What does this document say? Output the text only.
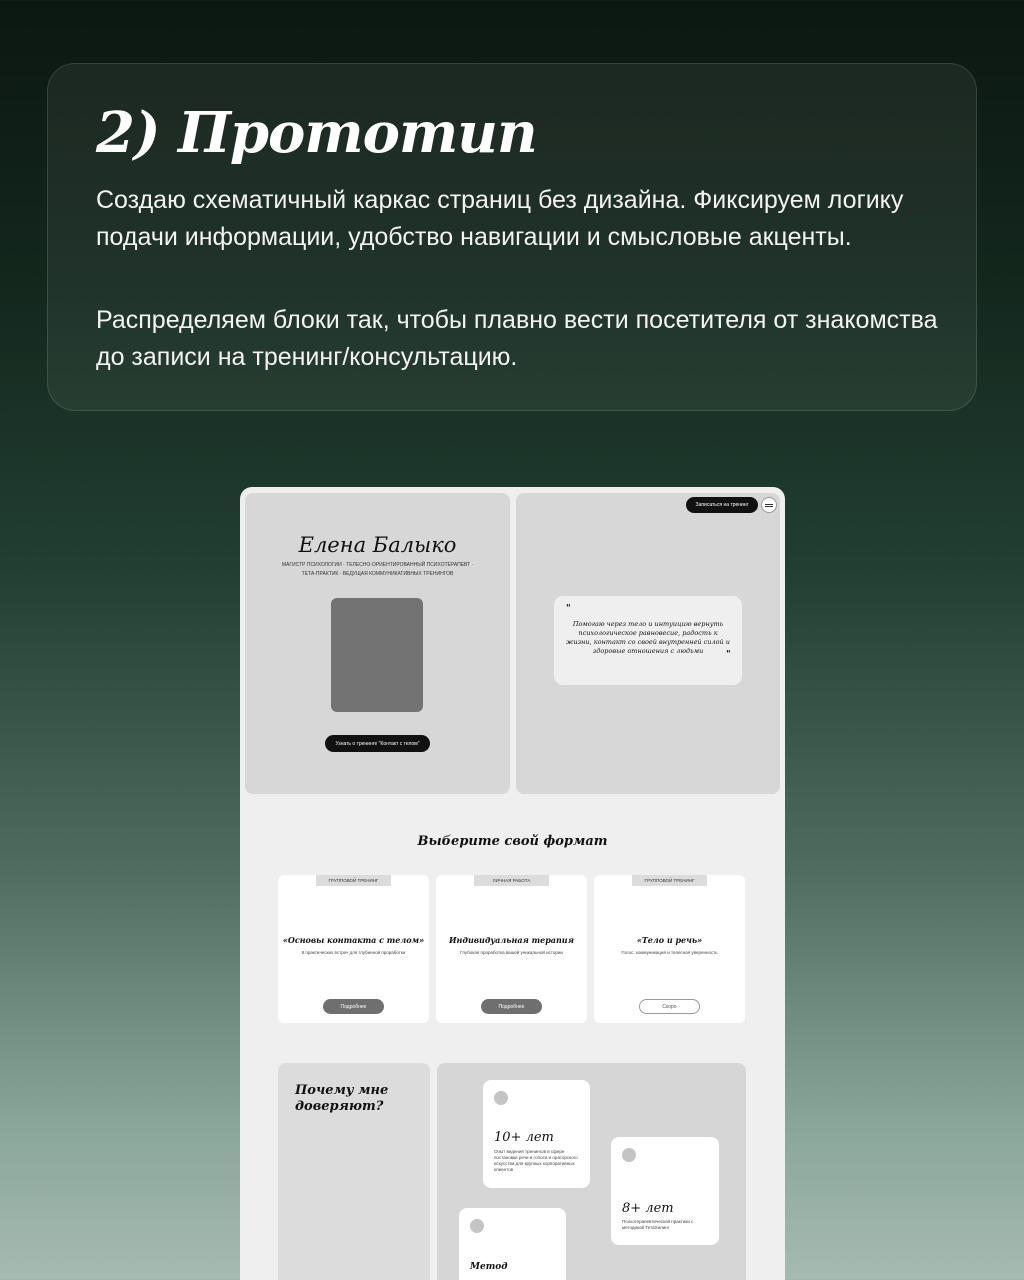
2) Прототип

Создаю схематичный каркас страниц без дизайна. Фиксируем логику подачи информации, удобство навигации и смысловые акценты.

Распределяем блоки так, чтобы плавно вести посетителя от знакомства до записи на тренинг/консультацию.

Елена Балыко
МАГИСТР ПСИХОЛОГИИ · ТЕЛЕСНО-ОРИЕНТИРОВАННЫЙ ПСИХОТЕРАПЕВТ · ТЕТА-ПРАКТИК · ВЕДУЩАЯ КОММУНИКАТИВНЫХ ТРЕНИНГОВ
Узнать о тренинге "Контакт с телом"
"
Помогаю через тело и интуицию вернуть психологическое равновесие, радость к жизни, контакт со своей внутренней силой и здоровые отношения с людьми	"
Записаться на тренинг
Выберите свой формат
ГРУППОВОЙ ТРЕНИНГ
«Основы контакта с телом»
8 практических встреч для глубинной проработки
Подробнее
ЛИЧНАЯ РАБОТА
Индивидуальная терапия
Глубокая проработка вашей уникальной истории
Подробнее
ГРУППОВОЙ ТРЕНИНГ
«Тело и речь»
Голос, коммуникация и телесная уверенность
Скоро
Почему мне доверяют?
10+ лет
Опыт ведения тренингов в сфере постановки речи и голоса и ораторского искусства для крупных корпоративных клиентов
8+ лет
Психотерапевтической практики с методикой ТетаХилинг
Метод
